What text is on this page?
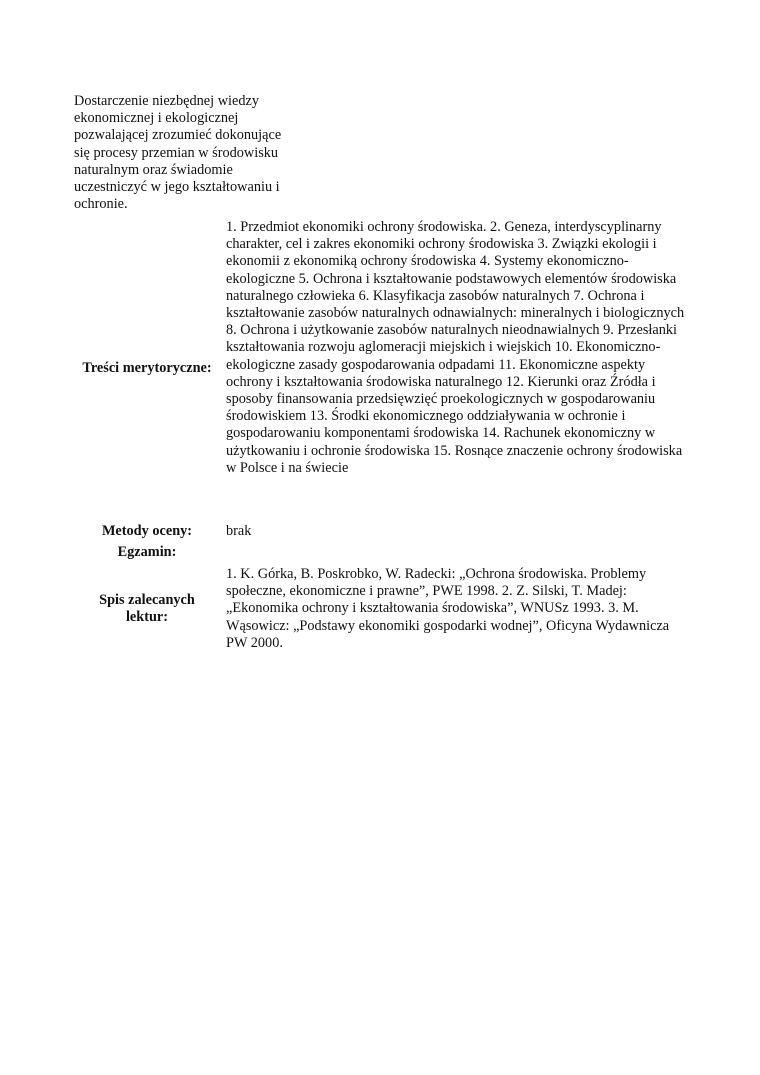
Dostarczenie niezbędnej wiedzy ekonomicznej i ekologicznej pozwalającej zrozumieć dokonujące się procesy przemian w środowisku naturalnym oraz świadomie uczestniczyć w jego kształtowaniu i ochronie.
Treści merytoryczne:
1. Przedmiot ekonomiki ochrony środowiska. 2. Geneza, interdyscyplinarny charakter, cel i zakres ekonomiki ochrony środowiska 3. Związki ekologii i ekonomii z ekonomiką ochrony środowiska 4. Systemy ekonomiczno-ekologiczne 5. Ochrona i kształtowanie podstawowych elementów środowiska naturalnego człowieka 6. Klasyfikacja zasobów naturalnych 7. Ochrona i kształtowanie zasobów naturalnych odnawialnych: mineralnych i biologicznych 8. Ochrona i użytkowanie zasobów naturalnych nieodnawialnych 9. Przesłanki kształtowania rozwoju aglomeracji miejskich i wiejskich 10. Ekonomiczno-ekologiczne zasady gospodarowania odpadami 11. Ekonomiczne aspekty ochrony i kształtowania środowiska naturalnego 12. Kierunki oraz Źródła i sposoby finansowania przedsięwzięć proekologicznych w gospodarowaniu środowiskiem 13. Środki ekonomicznego oddziaływania w ochronie i gospodarowaniu komponentami środowiska 14. Rachunek ekonomiczny w użytkowaniu i ochronie środowiska 15. Rosnące znaczenie ochrony środowiska w Polsce i na świecie
Metody oceny:	brak
Egzamin:
Spis zalecanych lektur:
1. K. Górka, B. Poskrobko, W. Radecki: „Ochrona środowiska. Problemy społeczne, ekonomiczne i prawne”, PWE 1998. 2. Z. Silski, T. Madej: „Ekonomika ochrony i kształtowania środowiska”, WNUSz 1993. 3. M. Wąsowicz: „Podstawy ekonomiki gospodarki wodnej”, Oficyna Wydawnicza PW 2000.
